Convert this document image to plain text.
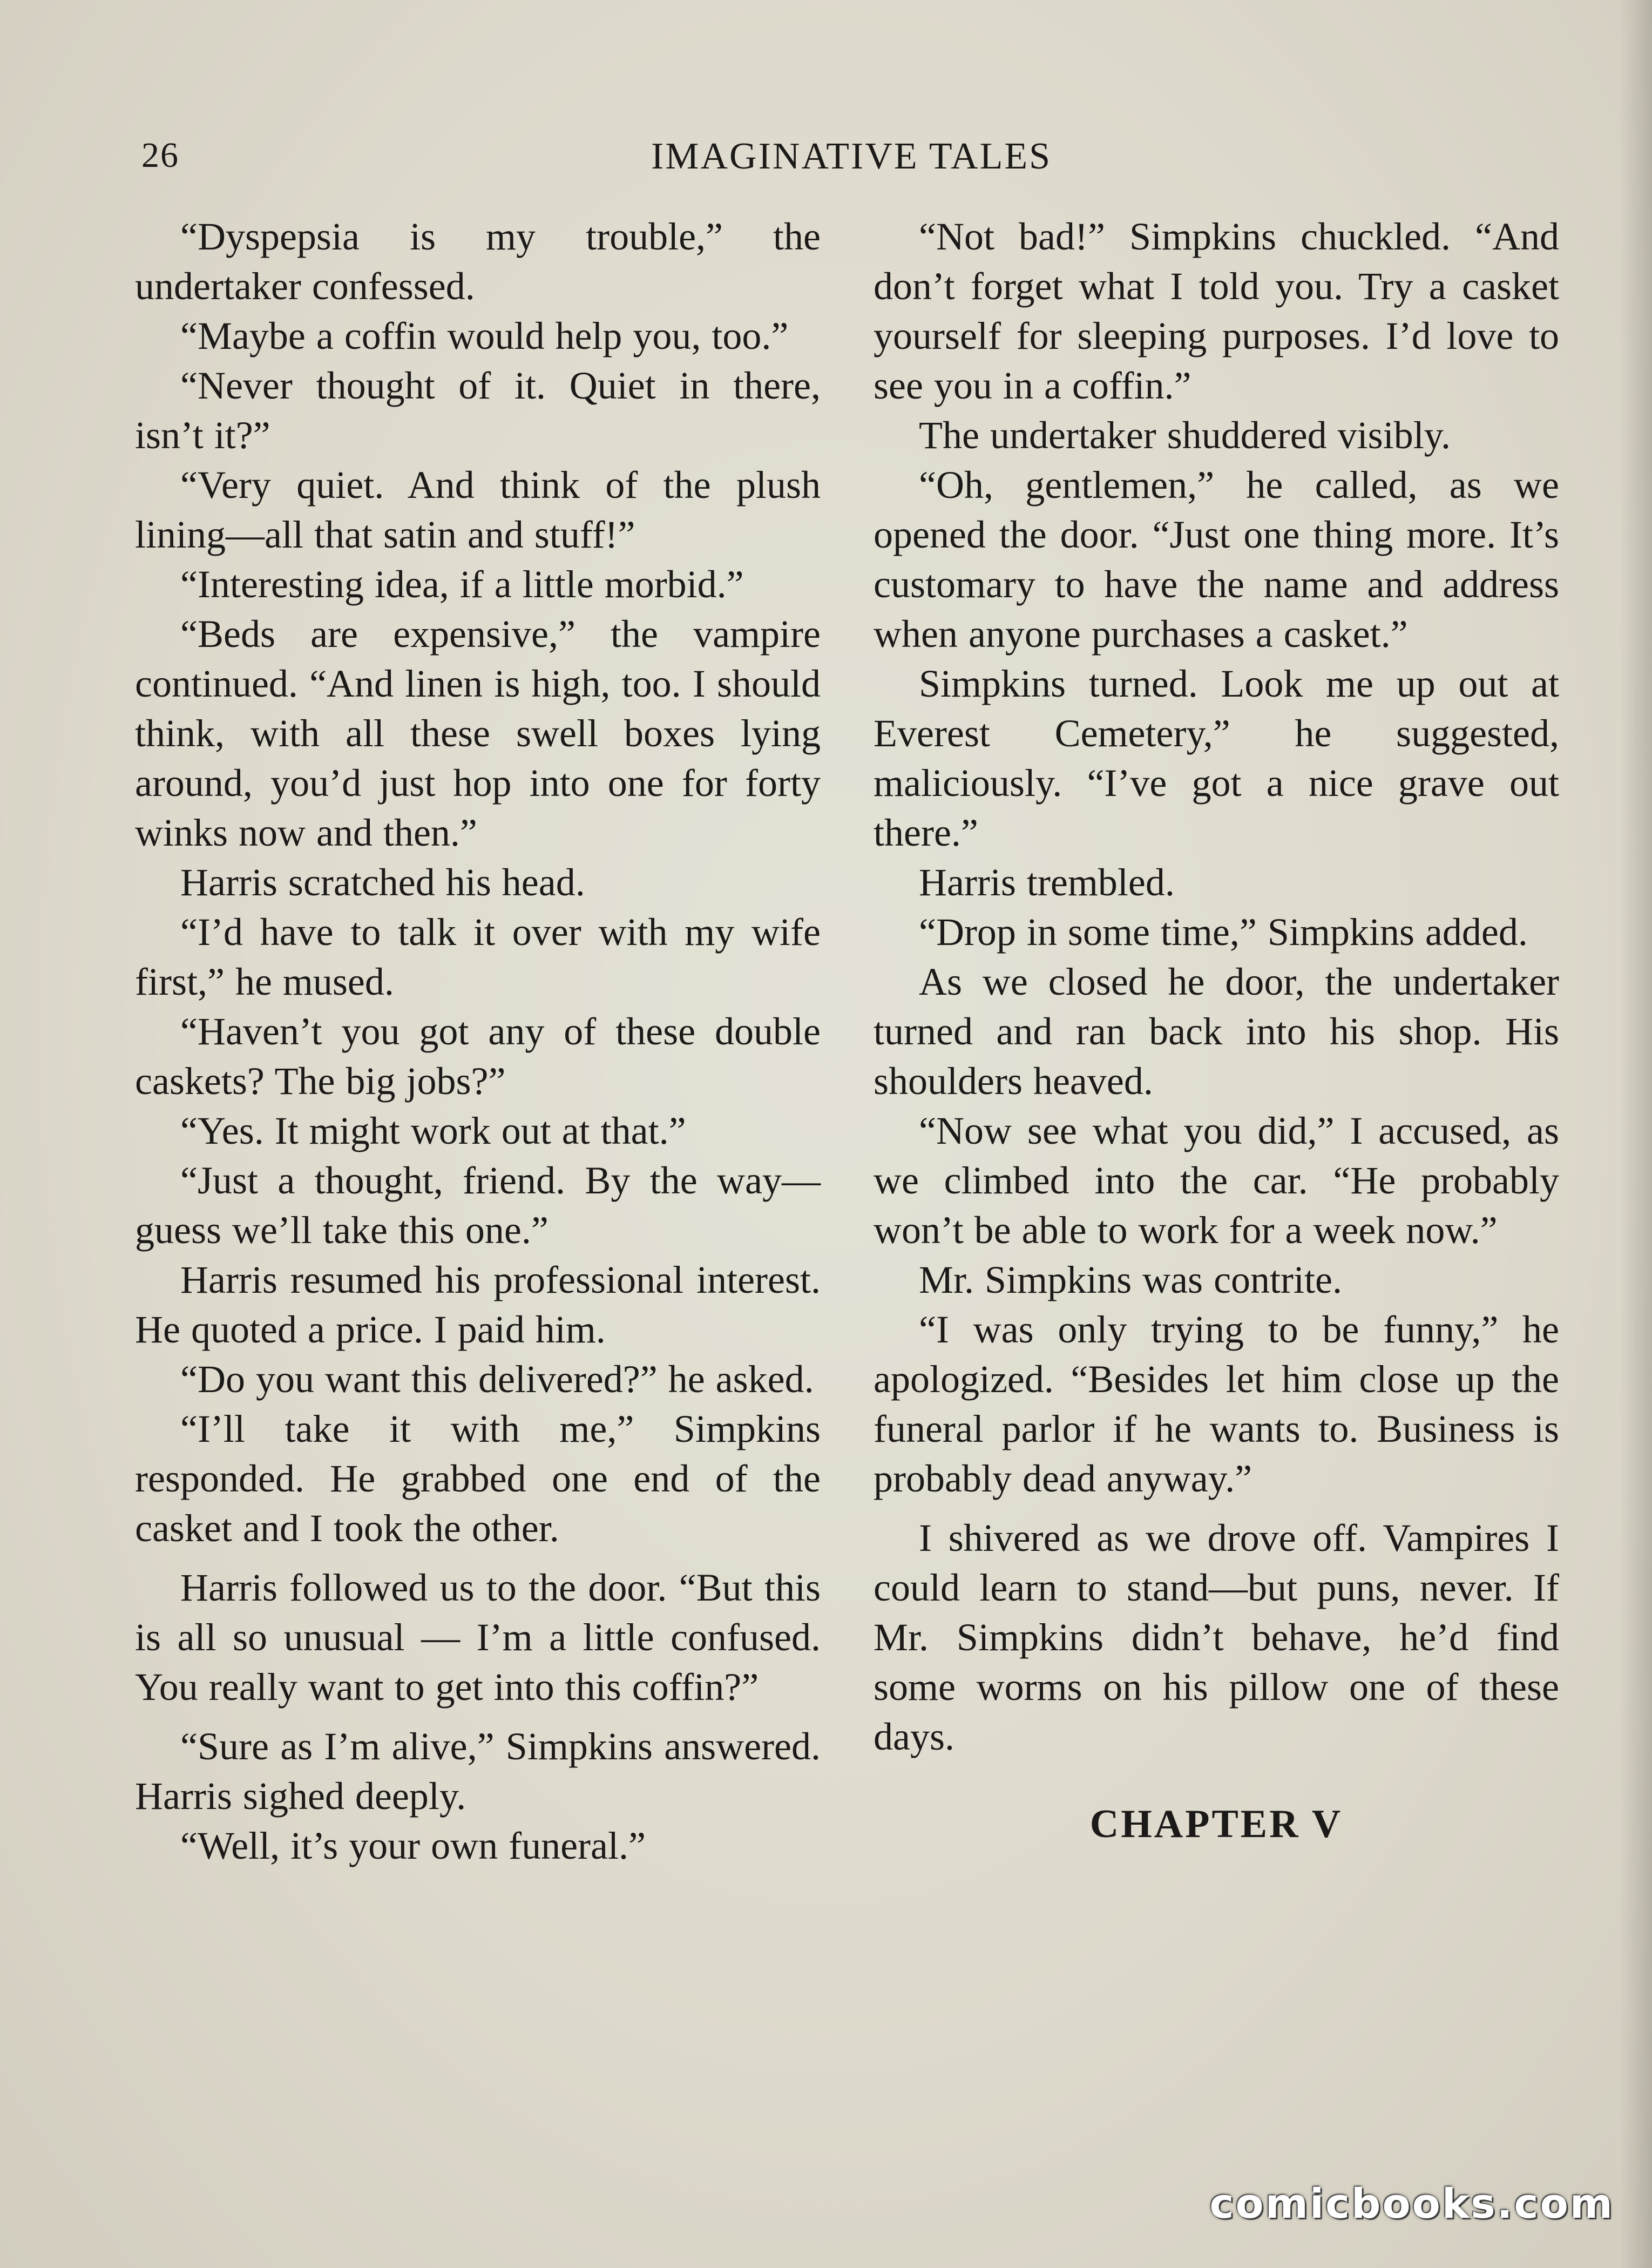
26	IMAGINATIVE TALES

“Dyspepsia is my trouble,” the undertaker confessed.

“Maybe a coffin would help you, too.”

“Never thought of it. Quiet in there, isn’t it?”

“Very quiet. And think of the plush lining—all that satin and stuff!”

“Interesting idea, if a little morbid.”

“Beds are expensive,” the vampire continued. “And linen is high, too. I should think, with all these swell boxes lying around, you’d just hop into one for forty winks now and then.”

Harris scratched his head.

“I’d have to talk it over with my wife first,” he mused.

“Haven’t you got any of these double caskets? The big jobs?”

“Yes. It might work out at that.”

“Just a thought, friend. By the way—guess we’ll take this one.”

Harris resumed his professional interest. He quoted a price. I paid him.

“Do you want this delivered?” he asked.

“I’ll take it with me,” Simpkins responded. He grabbed one end of the casket and I took the other.

Harris followed us to the door. “But this is all so unusual — I’m a little confused. You really want to get into this coffin?”

“Sure as I’m alive,” Simpkins answered. Harris sighed deeply.

“Well, it’s your own funeral.”

“Not bad!” Simpkins chuckled. “And don’t forget what I told you. Try a casket yourself for sleeping purposes. I’d love to see you in a coffin.”

The undertaker shuddered visibly.

“Oh, gentlemen,” he called, as we opened the door. “Just one thing more. It’s customary to have the name and address when anyone purchases a casket.”

Simpkins turned. Look me up out at Everest Cemetery,” he suggested, maliciously. “I’ve got a nice grave out there.”

Harris trembled.

“Drop in some time,” Simpkins added.

As we closed he door, the undertaker turned and ran back into his shop. His shoulders heaved.

“Now see what you did,” I accused, as we climbed into the car. “He probably won’t be able to work for a week now.”

Mr. Simpkins was contrite.

“I was only trying to be funny,” he apologized. “Besides let him close up the funeral parlor if he wants to. Business is probably dead anyway.”

I shivered as we drove off. Vampires I could learn to stand—but puns, never. If Mr. Simpkins didn’t behave, he’d find some worms on his pillow one of these days.

CHAPTER V
comicbooks.com
